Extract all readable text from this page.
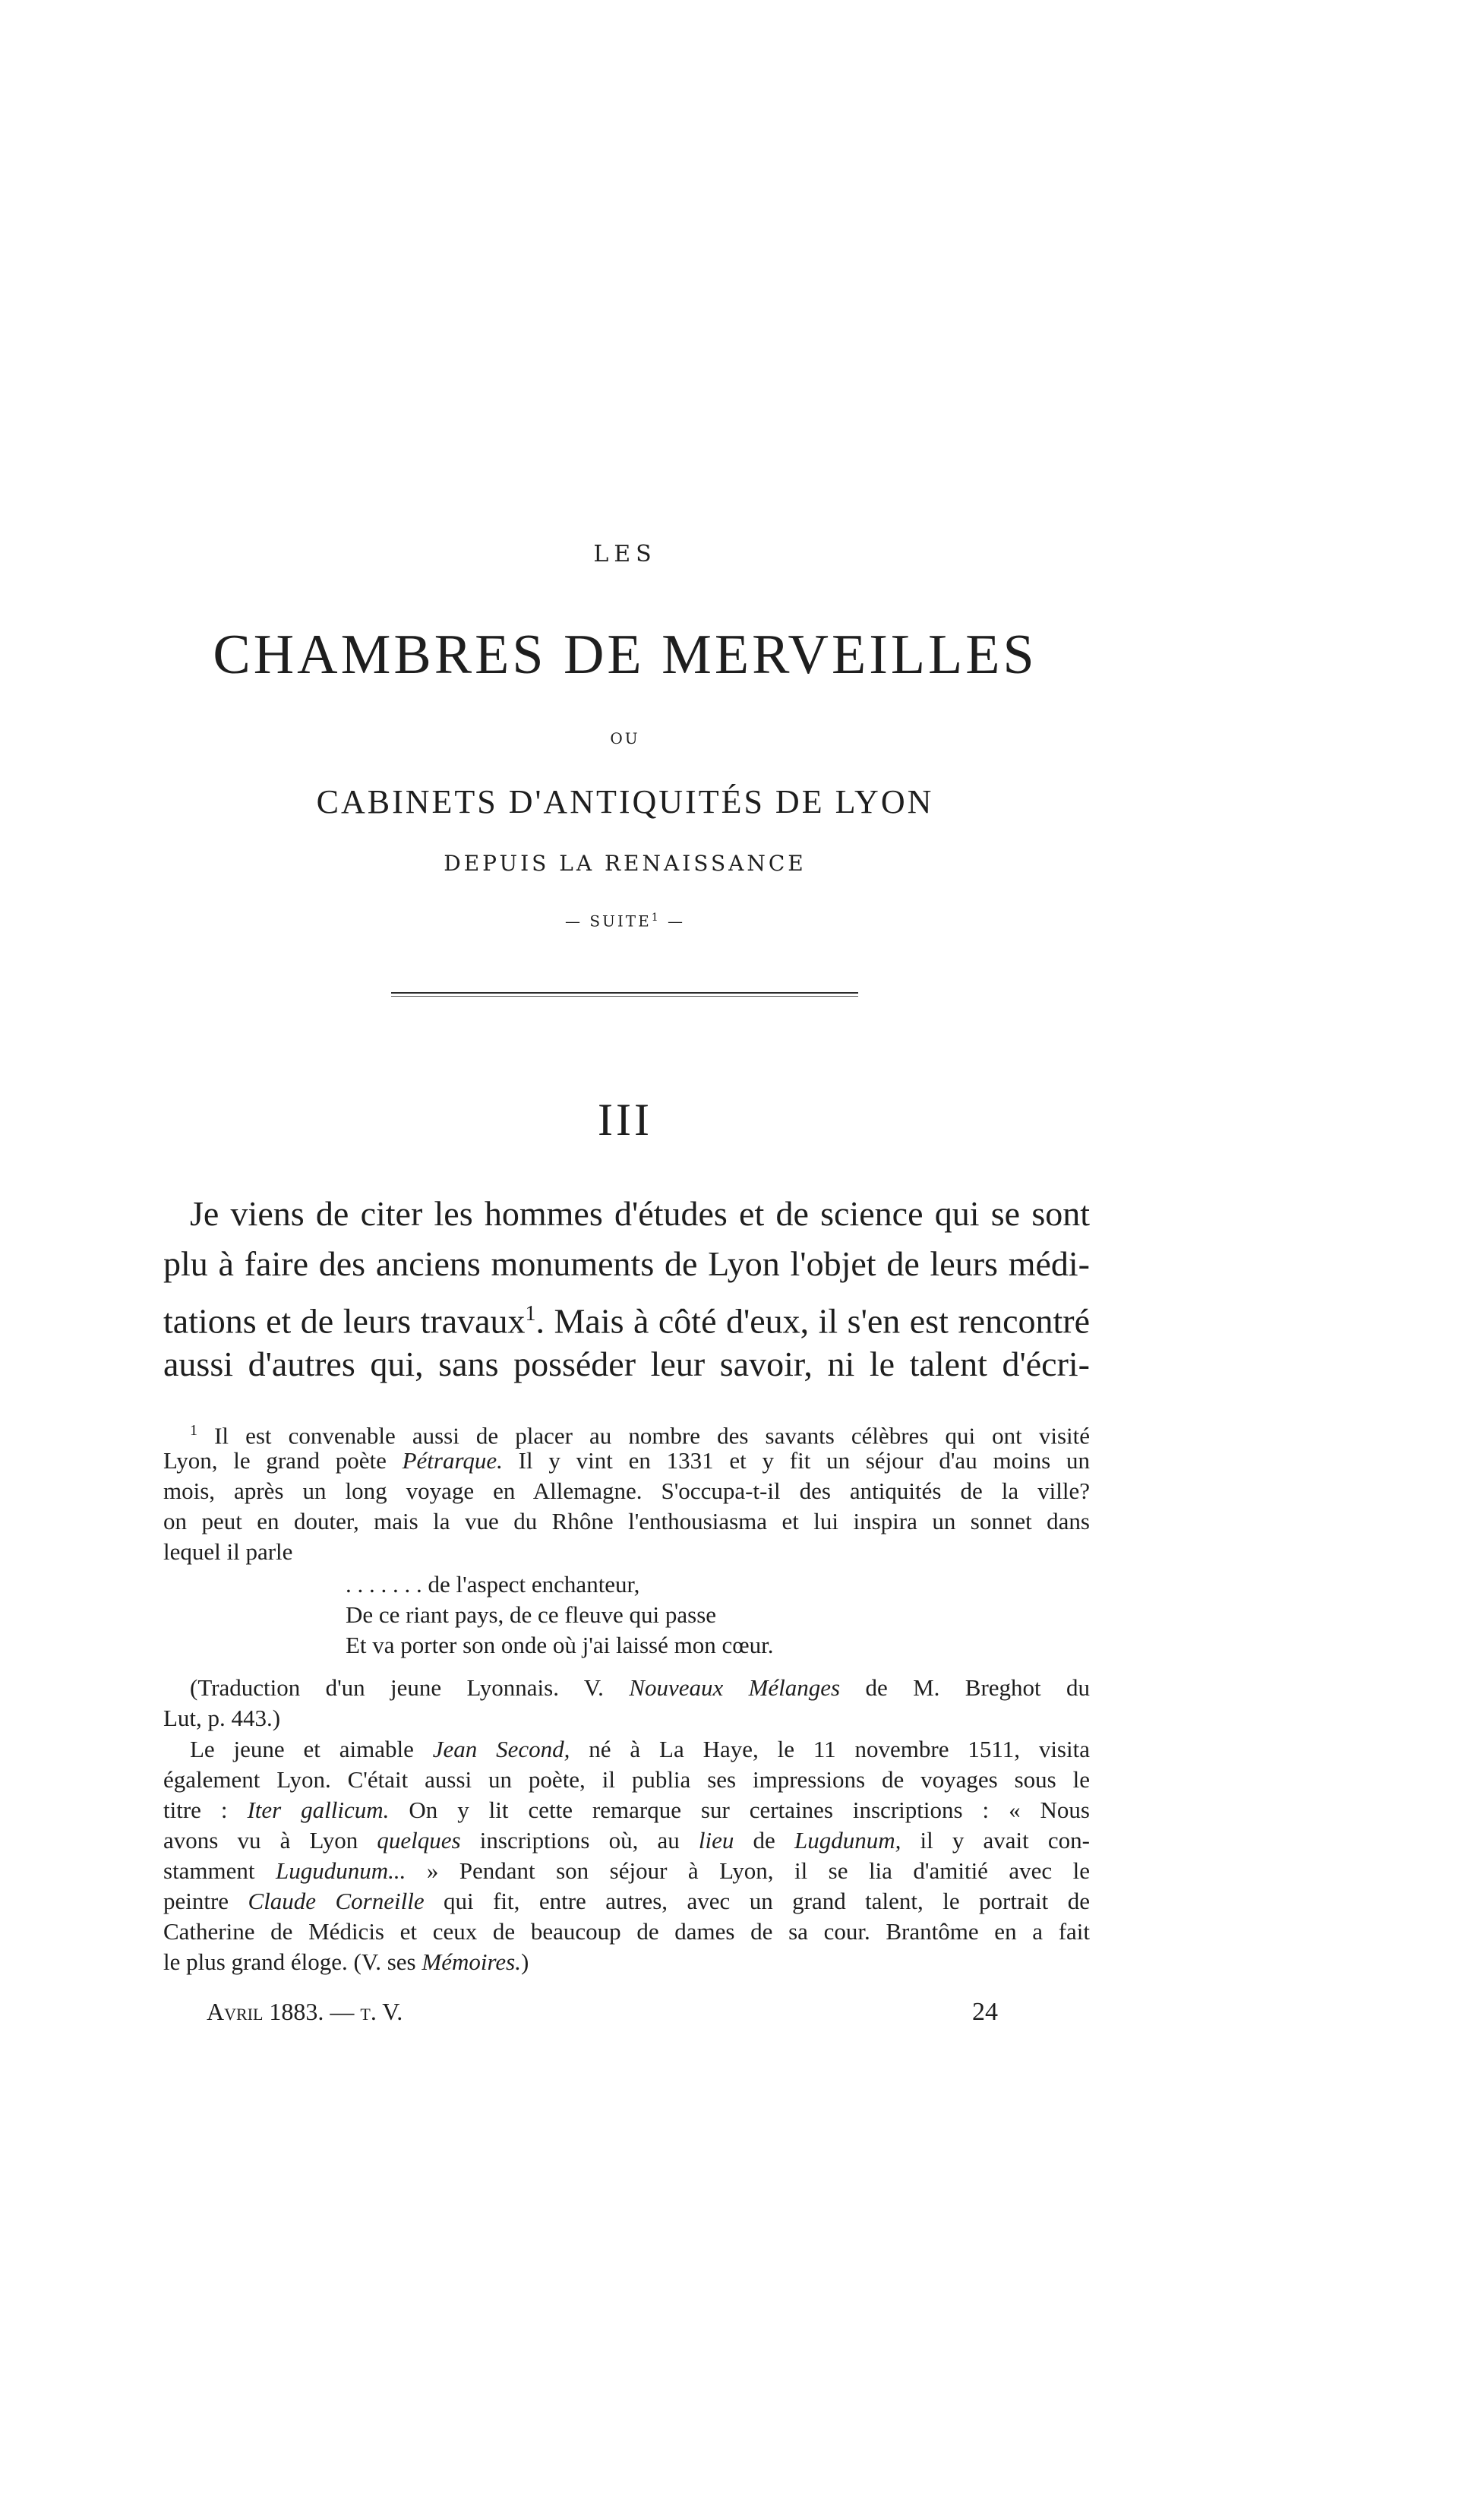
LES
CHAMBRES DE MERVEILLES
OU
CABINETS D'ANTIQUITÉS DE LYON
DEPUIS LA RENAISSANCE
— SUITE$^1$ —
III
Je viens de citer les hommes d'études et de science qui se sont
plu à faire des anciens monuments de Lyon l'objet de leurs médi-
tations et de leurs travaux$^1$. Mais à côté d'eux, il s'en est rencontré
aussi d'autres qui, sans posséder leur savoir, ni le talent d'écri-
$^1$ Il est convenable aussi de placer au nombre des savants célèbres qui ont visité
Lyon, le grand poète Pétrarque. Il y vint en 1331 et y fit un séjour d'au moins un
mois, après un long voyage en Allemagne. S'occupa-t-il des antiquités de la ville?
on peut en douter, mais la vue du Rhône l'enthousiasma et lui inspira un sonnet dans
lequel il parle
. . . . . . . de l'aspect enchanteur,
De ce riant pays, de ce fleuve qui passe
Et va porter son onde où j'ai laissé mon cœur.
(Traduction d'un jeune Lyonnais. V. Nouveaux Mélanges de M. Breghot du
Lut, p. 443.)
Le jeune et aimable Jean Second, né à La Haye, le 11 novembre 1511, visita
également Lyon. C'était aussi un poète, il publia ses impressions de voyages sous le
titre : Iter gallicum. On y lit cette remarque sur certaines inscriptions : « Nous
avons vu à Lyon quelques inscriptions où, au lieu de Lugdunum, il y avait con-
stamment Lugudunum... » Pendant son séjour à Lyon, il se lia d'amitié avec le
peintre Claude Corneille qui fit, entre autres, avec un grand talent, le portrait de
Catherine de Médicis et ceux de beaucoup de dames de sa cour. Brantôme en a fait
le plus grand éloge. (V. ses Mémoires.)
Avril 1883. — t. V.	24
